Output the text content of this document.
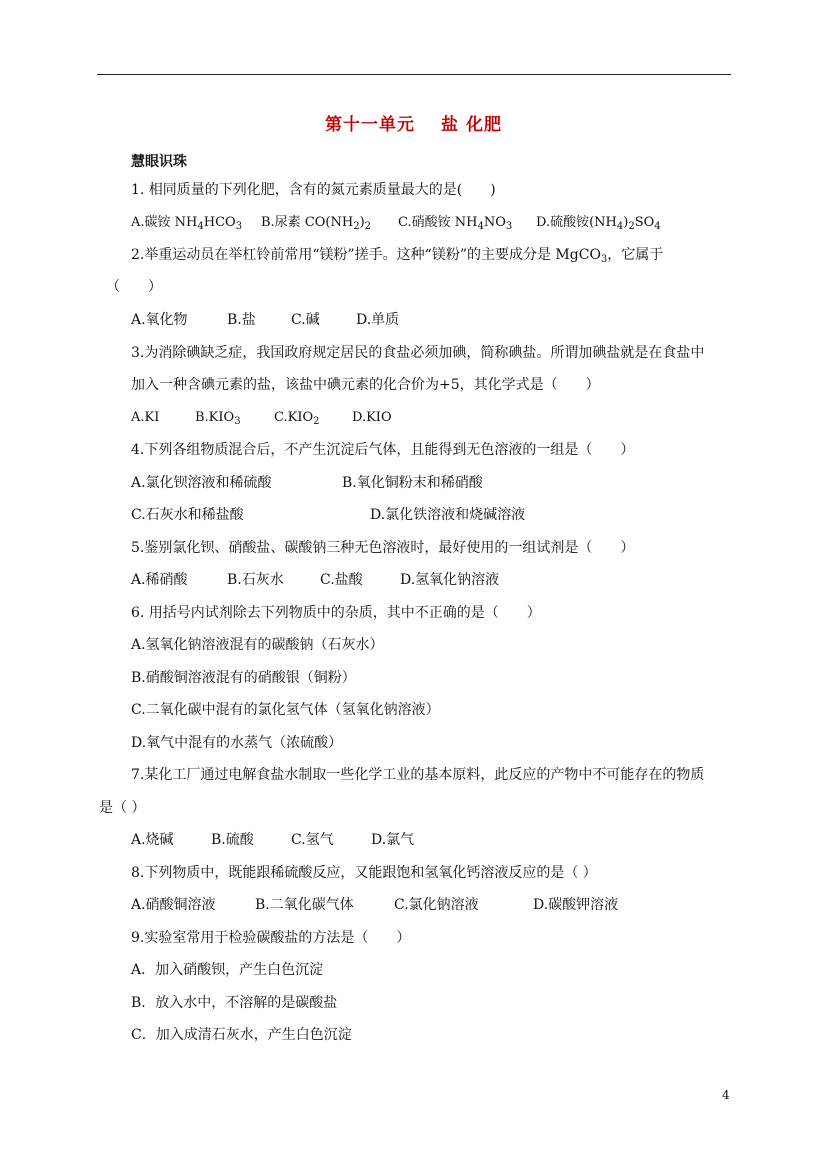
第十一单元 盐 化肥
慧眼识珠
1. 相同质量的下列化肥，含有的氮元素质量最大的是(　　)
A.碳铵 NH4HCO3 B.尿素 CO(NH2)2 C.硝酸铵 NH4NO3 D.硫酸铵(NH4)2SO4
2.举重运动员在举杠铃前常用“镁粉”搓手。这种“镁粉”的主要成分是 MgCO3，它属于
（　　）
A.氧化物	B.盐	C.碱	D.单质
3.为消除碘缺乏症，我国政府规定居民的食盐必须加碘，简称碘盐。所谓加碘盐就是在食盐中
加入一种含碘元素的盐，该盐中碘元素的化合价为+5，其化学式是（　　）
A.KI	B.KIO3	C.KIO2	D.KIO
4.下列各组物质混合后，不产生沉淀后气体，且能得到无色溶液的一组是（　　）
A.氯化钡溶液和稀硫酸	B.氧化铜粉末和稀硝酸
C.石灰水和稀盐酸	D.氯化铁溶液和烧碱溶液
5.鉴别氯化钡、硝酸盐、碳酸钠三种无色溶液时，最好使用的一组试剂是（　　）
A.稀硝酸	B.石灰水	C.盐酸	D.氢氧化钠溶液
6. 用括号内试剂除去下列物质中的杂质，其中不正确的是（　　）
A.氢氧化钠溶液混有的碳酸钠（石灰水）
B.硝酸铜溶液混有的硝酸银（铜粉）
C.二氧化碳中混有的氯化氢气体（氢氧化钠溶液）
D.氧气中混有的水蒸气（浓硫酸）
7.某化工厂通过电解食盐水制取一些化学工业的基本原料，此反应的产物中不可能存在的物质
是（ ）
A.烧碱	B.硫酸	C.氢气	D.氯气
8.下列物质中，既能跟稀硫酸反应，又能跟饱和氢氧化钙溶液反应的是（ ）
A.硝酸铜溶液	B.二氧化碳气体	C.氯化钠溶液	D.碳酸钾溶液
9.实验室常用于检验碳酸盐的方法是（　　）
A．加入硝酸钡，产生白色沉淀
B．放入水中，不溶解的是碳酸盐
C．加入成清石灰水，产生白色沉淀
4
